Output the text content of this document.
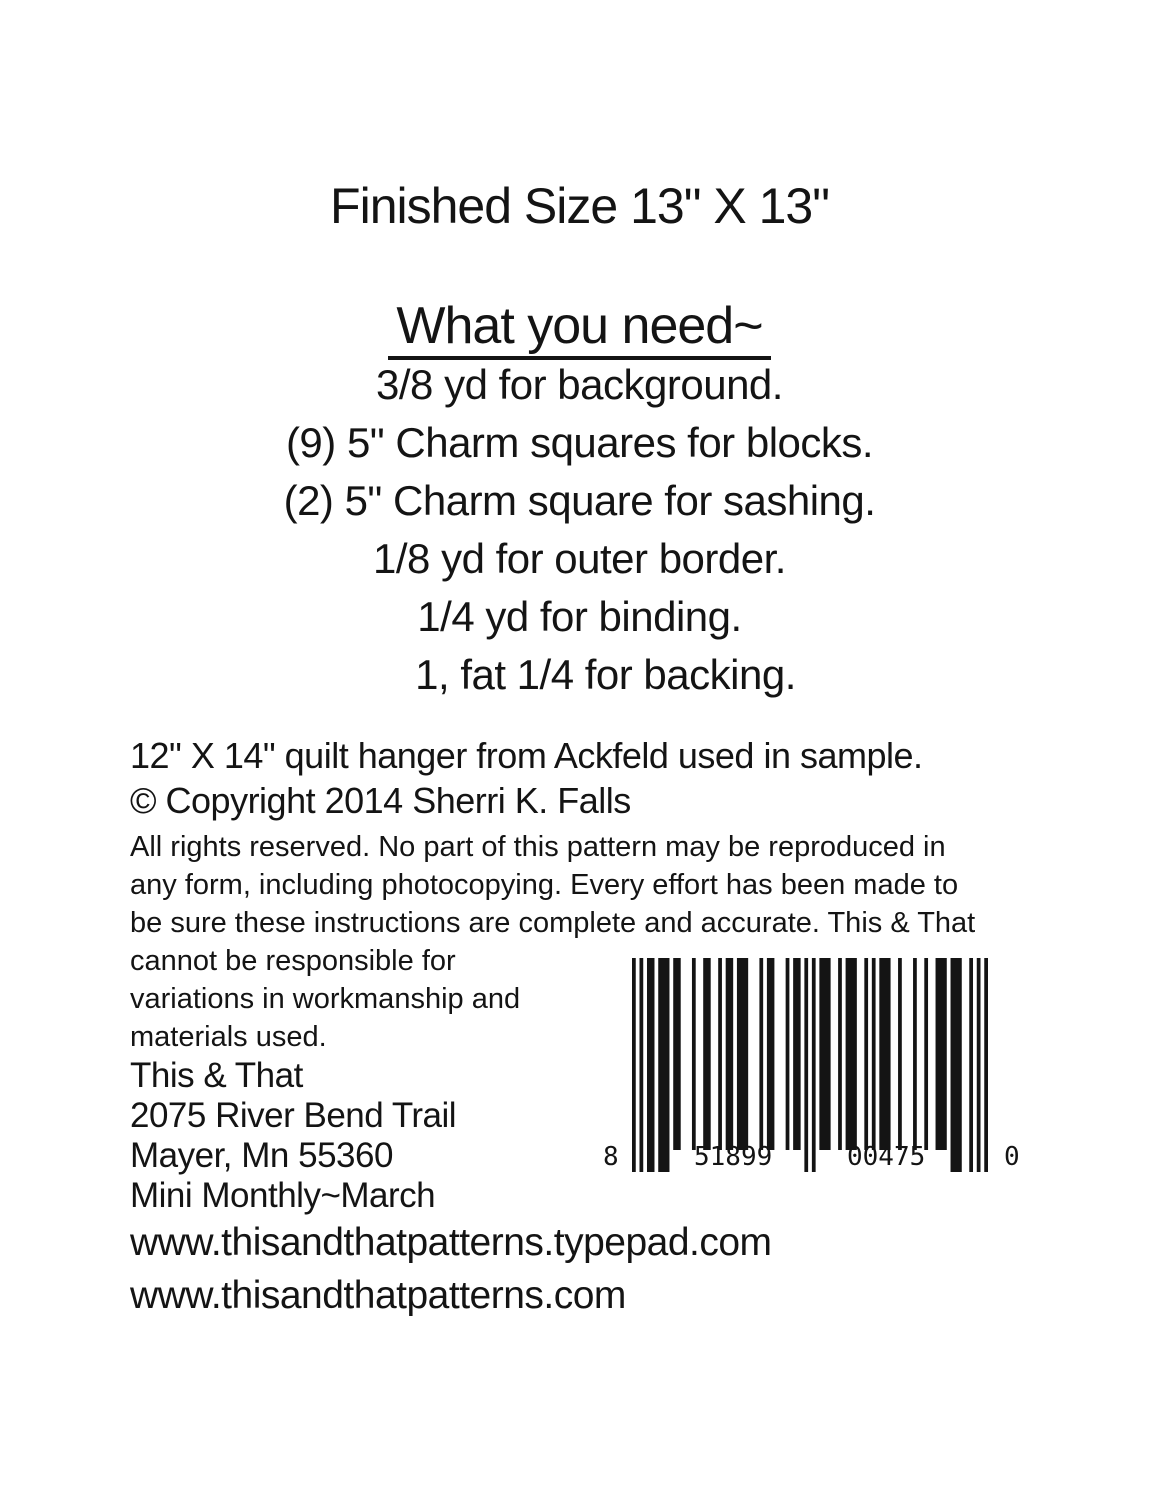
Finished Size 13" X 13"
What you need~
3/8 yd for background.
(9) 5" Charm squares for blocks.
(2) 5" Charm square for sashing.
1/8 yd for outer border.
1/4 yd for binding.
1, fat 1/4 for backing.
12" X 14" quilt hanger from Ackfeld used in sample.
© Copyright 2014 Sherri K. Falls
All rights reserved. No part of this pattern may be reproduced in
any form, including photocopying. Every effort has been made to
be sure these instructions are complete and accurate. This & That
cannot be responsible for
variations in workmanship and
materials used.
This & That
2075 River Bend Trail
Mayer, Mn 55360
Mini Monthly~March
www.thisandthatpatterns.typepad.com
www.thisandthatpatterns.com
8	51899	00475	0
